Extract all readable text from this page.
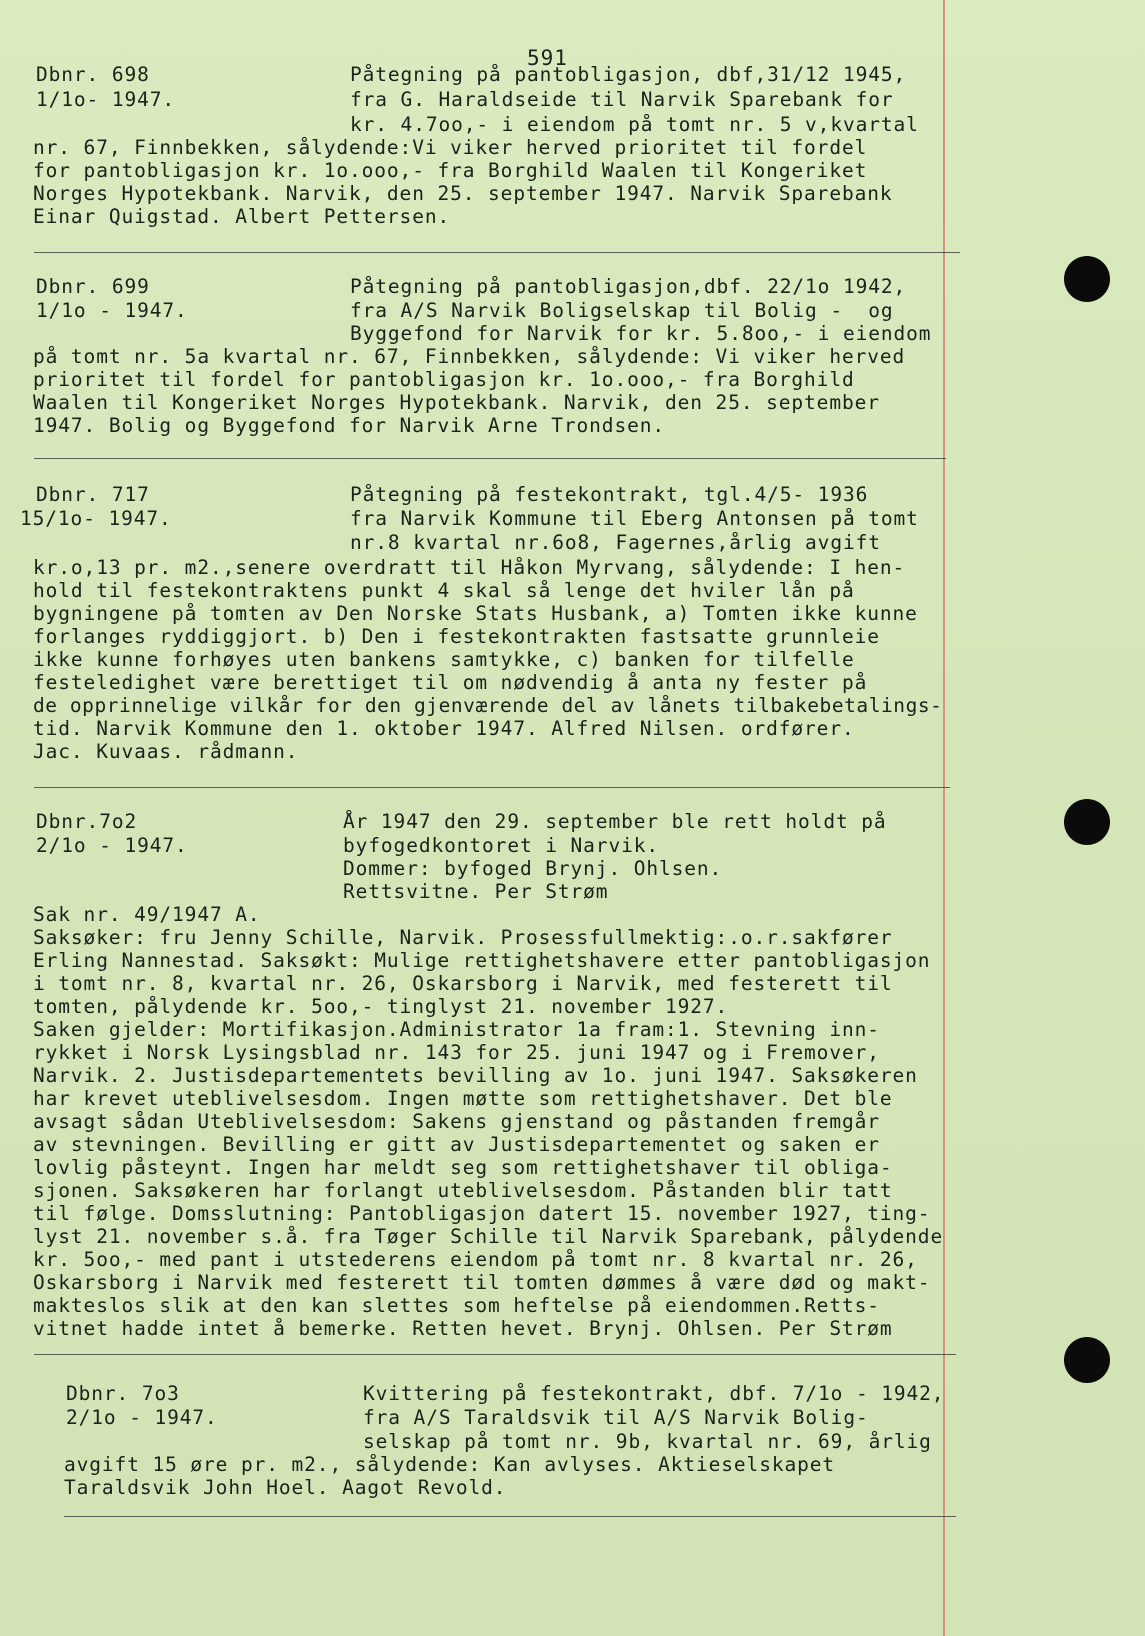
591
Dbnr. 698
1/1o- 1947.
Påtegning på pantobligasjon, dbf,31/12 1945,
fra G. Haraldseide til Narvik Sparebank for
kr. 4.7oo,- i eiendom på tomt nr. 5 v,kvartal
nr. 67, Finnbekken, sålydende:Vi viker herved prioritet til fordel
for pantobligasjon kr. 1o.ooo,- fra Borghild Waalen til Kongeriket
Norges Hypotekbank. Narvik, den 25. september 1947. Narvik Sparebank
Einar Quigstad. Albert Pettersen.
Dbnr. 699
1/1o - 1947.
Påtegning på pantobligasjon,dbf. 22/1o 1942,
fra A/S Narvik Boligselskap til Bolig -  og
Byggefond for Narvik for kr. 5.8oo,- i eiendom
på tomt nr. 5a kvartal nr. 67, Finnbekken, sålydende: Vi viker herved
prioritet til fordel for pantobligasjon kr. 1o.ooo,- fra Borghild
Waalen til Kongeriket Norges Hypotekbank. Narvik, den 25. september
1947. Bolig og Byggefond for Narvik Arne Trondsen.
Dbnr. 717
15/1o- 1947.
Påtegning på festekontrakt, tgl.4/5- 1936
fra Narvik Kommune til Eberg Antonsen på tomt
nr.8 kvartal nr.6o8, Fagernes,årlig avgift
kr.o,13 pr. m2.,senere overdratt til Håkon Myrvang, sålydende: I hen-
hold til festekontraktens punkt 4 skal så lenge det hviler lån på
bygningene på tomten av Den Norske Stats Husbank, a) Tomten ikke kunne
forlanges ryddiggjort. b) Den i festekontrakten fastsatte grunnleie
ikke kunne forhøyes uten bankens samtykke, c) banken for tilfelle
festeledighet være berettiget til om nødvendig å anta ny fester på
de opprinnelige vilkår for den gjenværende del av lånets tilbakebetalings-
tid. Narvik Kommune den 1. oktober 1947. Alfred Nilsen. ordfører.
Jac. Kuvaas. rådmann.
Dbnr.7o2
2/1o - 1947.
År 1947 den 29. september ble rett holdt på
byfogedkontoret i Narvik.
Dommer: byfoged Brynj. Ohlsen.
Rettsvitne. Per Strøm
Sak nr. 49/1947 A.
Saksøker: fru Jenny Schille, Narvik. Prosessfullmektig:.o.r.sakfører
Erling Nannestad. Saksøkt: Mulige rettighetshavere etter pantobligasjon
i tomt nr. 8, kvartal nr. 26, Oskarsborg i Narvik, med festerett til
tomten, pålydende kr. 5oo,- tinglyst 21. november 1927.
Saken gjelder: Mortifikasjon.Administrator 1a fram:1. Stevning inn-
rykket i Norsk Lysingsblad nr. 143 for 25. juni 1947 og i Fremover,
Narvik. 2. Justisdepartementets bevilling av 1o. juni 1947. Saksøkeren
har krevet uteblivelsesdom. Ingen møtte som rettighetshaver. Det ble
avsagt sådan Uteblivelsesdom: Sakens gjenstand og påstanden fremgår
av stevningen. Bevilling er gitt av Justisdepartementet og saken er
lovlig påsteynt. Ingen har meldt seg som rettighetshaver til obliga-
sjonen. Saksøkeren har forlangt uteblivelsesdom. Påstanden blir tatt
til følge. Domsslutning: Pantobligasjon datert 15. november 1927, ting-
lyst 21. november s.å. fra Tøger Schille til Narvik Sparebank, pålydende
kr. 5oo,- med pant i utstederens eiendom på tomt nr. 8 kvartal nr. 26,
Oskarsborg i Narvik med festerett til tomten dømmes å være død og makt-
makteslos slik at den kan slettes som heftelse på eiendommen.Retts-
vitnet hadde intet å bemerke. Retten hevet. Brynj. Ohlsen. Per Strøm
Dbnr. 7o3
2/1o - 1947.
Kvittering på festekontrakt, dbf. 7/1o - 1942,
fra A/S Taraldsvik til A/S Narvik Bolig-
selskap på tomt nr. 9b, kvartal nr. 69, årlig
avgift 15 øre pr. m2., sålydende: Kan avlyses. Aktieselskapet
Taraldsvik John Hoel. Aagot Revold.
